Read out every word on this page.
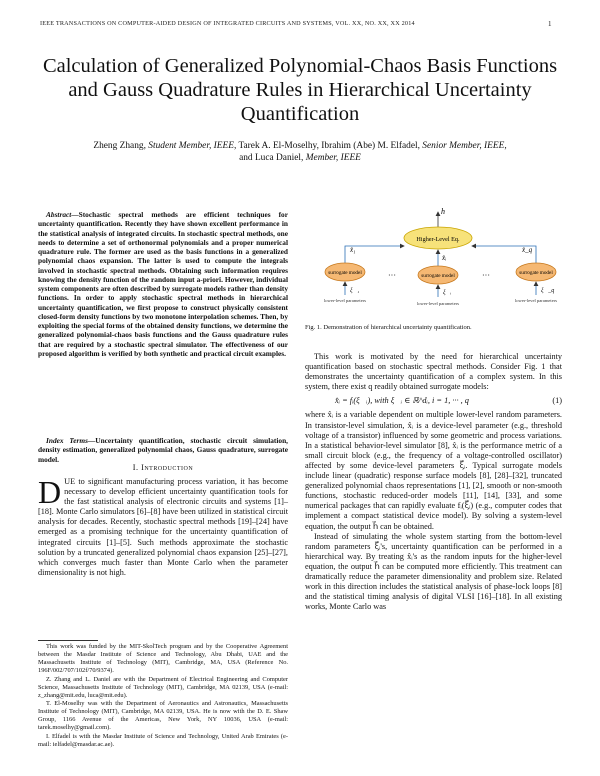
IEEE TRANSACTIONS ON COMPUTER-AIDED DESIGN OF INTEGRATED CIRCUITS AND SYSTEMS, VOL. XX, NO. XX, XX 2014	1
Calculation of Generalized Polynomial-Chaos Basis Functions and Gauss Quadrature Rules in Hierarchical Uncertainty Quantification
Zheng Zhang, Student Member, IEEE, Tarek A. El-Moselhy, Ibrahim (Abe) M. Elfadel, Senior Member, IEEE,
and Luca Daniel, Member, IEEE
Abstract—Stochastic spectral methods are efficient techniques for uncertainty quantification. Recently they have shown excellent performance in the statistical analysis of integrated circuits. In stochastic spectral methods, one needs to determine a set of orthonormal polynomials and a proper numerical quadrature rule. The former are used as the basis functions in a generalized polynomial chaos expansion. The latter is used to compute the integrals involved in stochastic spectral methods. Obtaining such information requires knowing the density function of the random input a-priori. However, individual system components are often described by surrogate models rather than density functions. In order to apply stochastic spectral methods in hierarchical uncertainty quantification, we first propose to construct physically consistent closed-form density functions by two monotone interpolation schemes. Then, by exploiting the special forms of the obtained density functions, we determine the generalized polynomial-chaos basis functions and the Gauss quadrature rules that are required by a stochastic spectral simulator. The effectiveness of our proposed algorithm is verified by both synthetic and practical circuit examples.
Index Terms—Uncertainty quantification, stochastic circuit simulation, density estimation, generalized polynomial chaos, Gauss quadrature, surrogate model.
I. Introduction
DUE to significant manufacturing process variation, it has become necessary to develop efficient uncertainty quantification tools for the fast statistical analysis of electronic circuits and systems [1]–[18]. Monte Carlo simulators [6]–[8] have been utilized in statistical circuit analysis for decades. Recently, stochastic spectral methods [19]–[24] have emerged as a promising technique for the uncertainty quantification of integrated circuits [1]–[5]. Such methods approximate the stochastic solution by a truncated generalized polynomial chaos expansion [25]–[27], which converges much faster than Monte Carlo when the parameter dimensionality is not high.

This work was funded by the MIT-SkolTech program and by the Cooperative Agreement between the Masdar Institute of Science and Technology, Abu Dhabi, UAE and the Massachusetts Institute of Technology (MIT), Cambridge, MA, USA (Reference No. 196F/002/707/102f/70/9374).

Z. Zhang and L. Daniel are with the Department of Electrical Engineering and Computer Science, Massachusetts Institute of Technology (MIT), Cambridge, MA 02139, USA (e-mail: z_zhang@mit.edu, luca@mit.edu).

T. El-Moselhy was with the Department of Aeronautics and Astronautics, Massachusetts Institute of Technology (MIT), Cambridge, MA 02139, USA. He is now with the D. E. Shaw Group, 1166 Avenue of the Americas, New York, NY 10036, USA (e-mail: tarek.moselhy@gmail.com).

I. Elfadel is with the Masdar Institute of Science and Technology, United Arab Emirates (e-mail: ielfadel@masdar.ac.ae).

h⃗
Higher-Level Eq.
x̂₁
x̂ᵢ
x̂_q
surrogate model	surrogate model	surrogate model
···	···
ξ⃗₁	ξ⃗ᵢ	ξ⃗_q
lower-level parameters
lower-level parameters
lower-level parameters
Fig. 1. Demonstration of hierarchical uncertainty quantification.

This work is motivated by the need for hierarchical uncertainty quantification based on stochastic spectral methods. Consider Fig. 1 that demonstrates the uncertainty quantification of a complex system. In this system, there exist q readily obtained surrogate models:

x̂ᵢ = fᵢ(ξ⃗ᵢ), with ξ⃗ᵢ ∈ ℝ^dᵢ, i = 1, ··· , q	(1)

where x̂ᵢ is a variable dependent on multiple lower-level random parameters. In transistor-level simulation, x̂ᵢ is a device-level parameter (e.g., threshold voltage of a transistor) influenced by some geometric and process variations. In a statistical behavior-level simulator [8], x̂ᵢ is the performance metric of a small circuit block (e.g., the frequency of a voltage-controlled oscillator) affected by some device-level parameters ξ⃗ᵢ. Typical surrogate models include linear (quadratic) response surface models [8], [28]–[32], truncated generalized polynomial chaos representations [1], [2], smooth or non-smooth functions, stochastic reduced-order models [11], [14], [33], and some numerical packages that can rapidly evaluate fᵢ(ξ⃗ᵢ) (e.g., computer codes that implement a compact statistical device model). By solving a system-level equation, the output h⃗ can be obtained.

Instead of simulating the whole system starting from the bottom-level random parameters ξ⃗ᵢ's, uncertainty quantification can be performed in a hierarchical way. By treating x̂ᵢ's as the random inputs for the higher-level equation, the output h⃗ can be computed more efficiently. This treatment can dramatically reduce the parameter dimensionality and problem size. Related work in this direction includes the statistical analysis of phase-lock loops [8] and the statistical timing analysis of digital VLSI [16]–[18]. In all existing works, Monte Carlo was
